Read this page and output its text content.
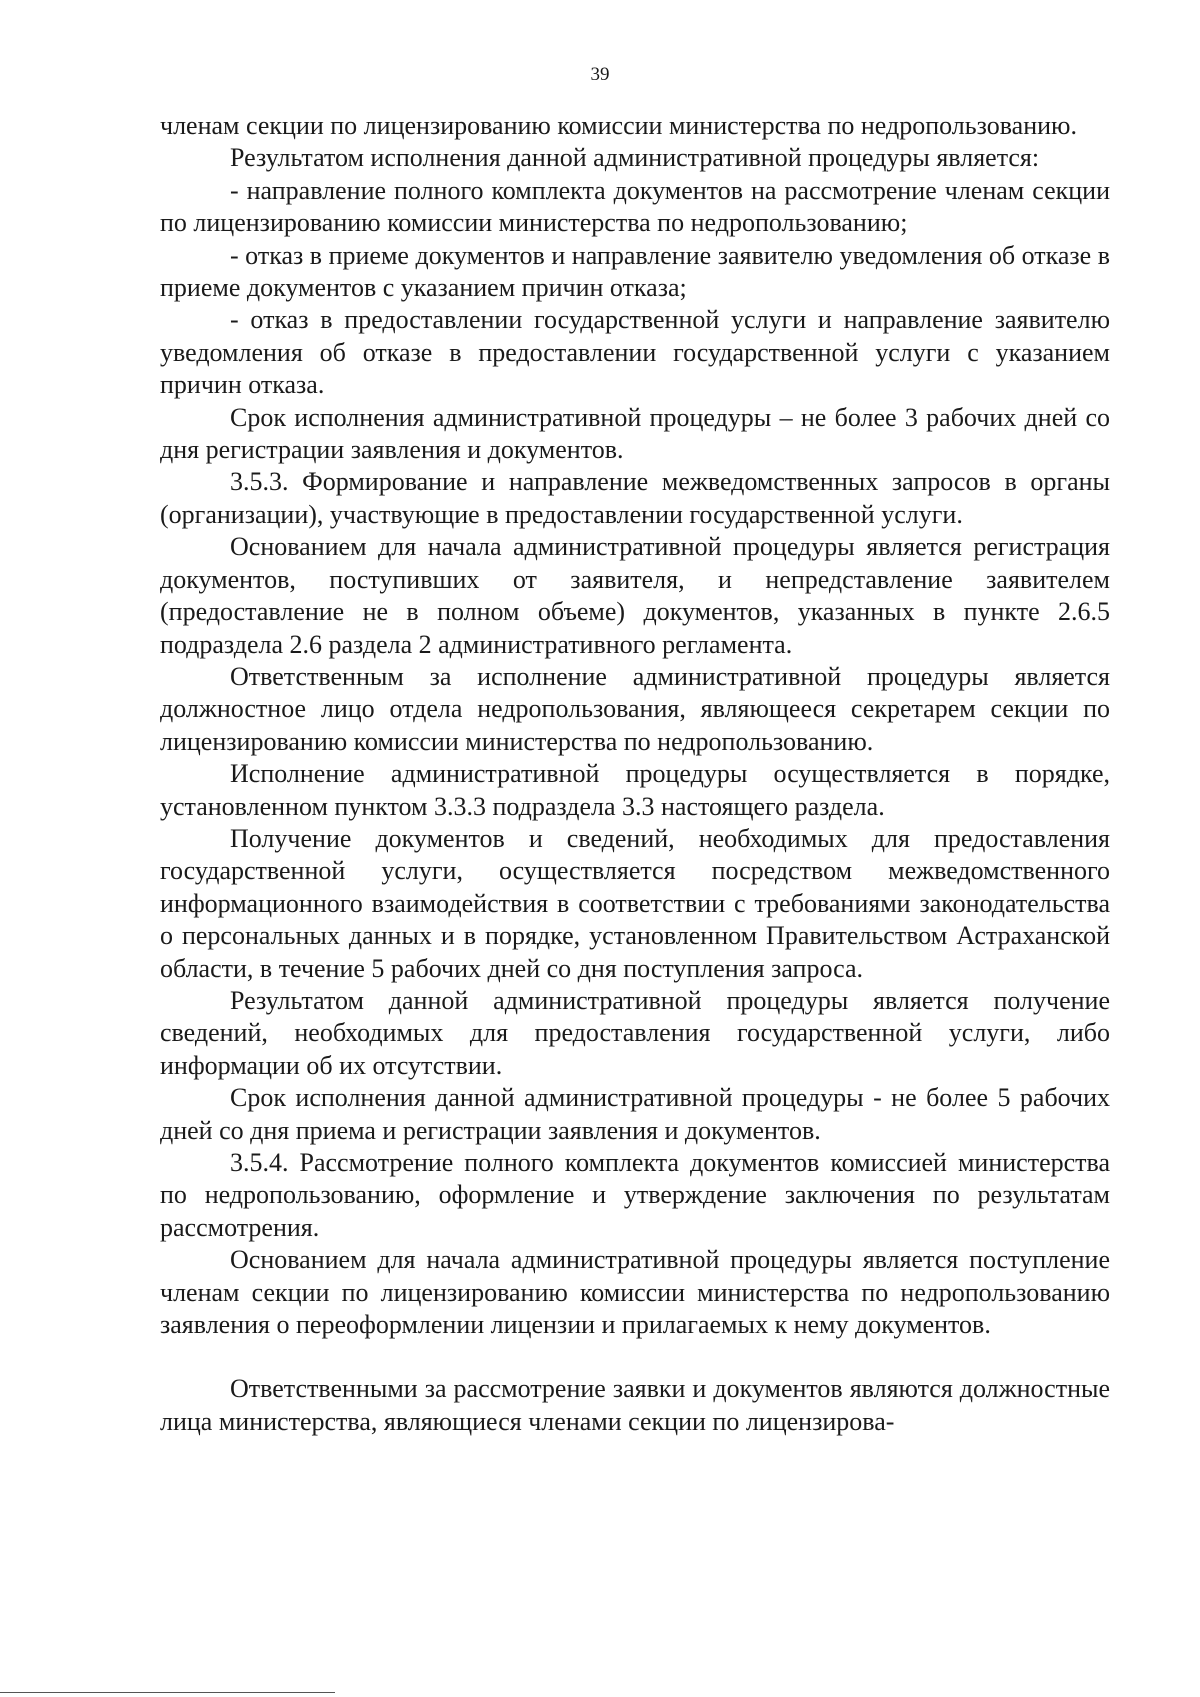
39

членам секции по лицензированию комиссии министерства по недропользованию.

Результатом исполнения данной административной процедуры является:

- направление полного комплекта документов на рассмотрение членам секции по лицензированию комиссии министерства по недропользованию;

- отказ в приеме документов и направление заявителю уведомления об отказе в приеме документов с указанием причин отказа;

- отказ в предоставлении государственной услуги и направление заявителю уведомления об отказе в предоставлении государственной услуги с указанием причин отказа.

Срок исполнения административной процедуры – не более 3 рабочих дней со дня регистрации заявления и документов.

3.5.3. Формирование и направление межведомственных запросов в органы (организации), участвующие в предоставлении государственной услуги.

Основанием для начала административной процедуры является регистрация документов, поступивших от заявителя, и непредставление заявителем (предоставление не в полном объеме) документов, указанных в пункте 2.6.5 подраздела 2.6 раздела 2 административного регламента.

Ответственным за исполнение административной процедуры является должностное лицо отдела недропользования, являющееся секретарем секции по лицензированию комиссии министерства по недропользованию.

Исполнение административной процедуры осуществляется в порядке, установленном пунктом 3.3.3 подраздела 3.3 настоящего раздела.

Получение документов и сведений, необходимых для предоставления государственной услуги, осуществляется посредством межведомственного информационного взаимодействия в соответствии с требованиями законодательства о персональных данных и в порядке, установленном Правительством Астраханской области, в течение 5 рабочих дней со дня поступления запроса.

Результатом данной административной процедуры является получение сведений, необходимых для предоставления государственной услуги, либо информации об их отсутствии.

Срок исполнения данной административной процедуры - не более 5 рабочих дней со дня приема и регистрации заявления и документов.

3.5.4. Рассмотрение полного комплекта документов комиссией министерства по недропользованию, оформление и утверждение заключения по результатам рассмотрения.

Основанием для начала административной процедуры является поступление членам секции по лицензированию комиссии министерства по недропользованию заявления о переоформлении лицензии и прилагаемых к нему документов.

Ответственными за рассмотрение заявки и документов являются должностные лица министерства, являющиеся членами секции по лицензирова-
